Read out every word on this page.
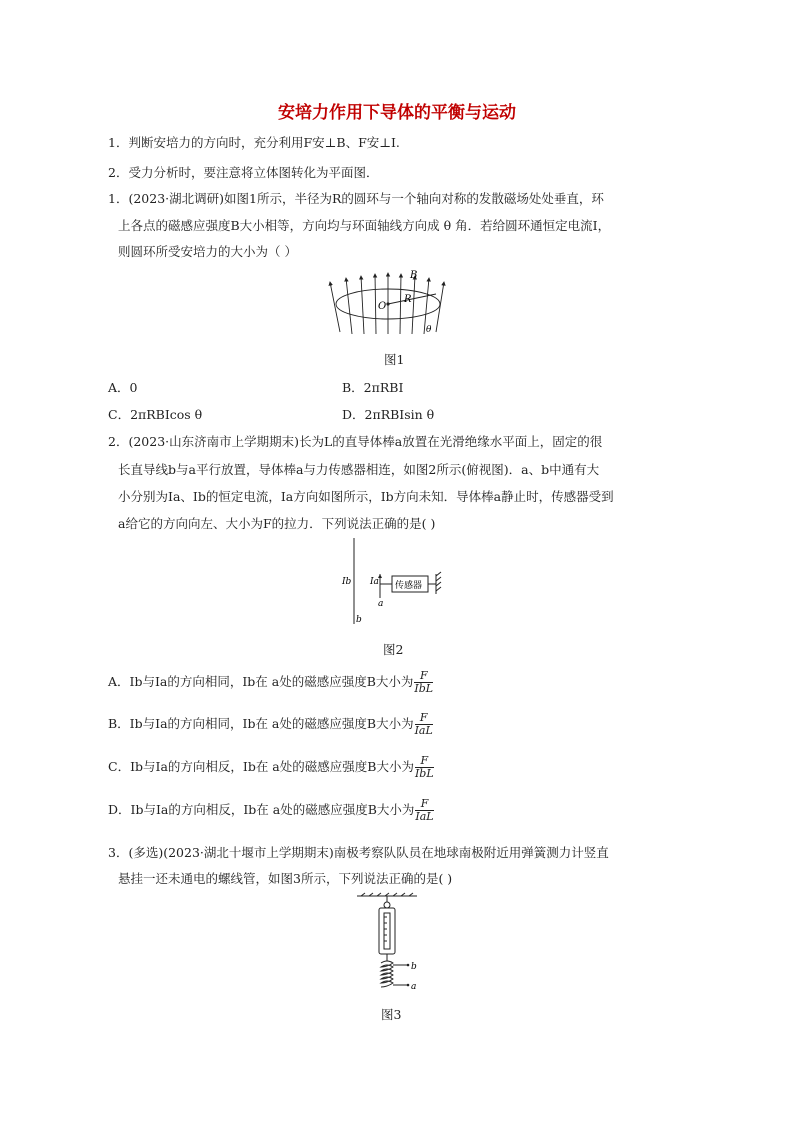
安培力作用下导体的平衡与运动
1．判断安培力的方向时，充分利用F安⊥B、F安⊥I.
2．受力分析时，要注意将立体图转化为平面图．
1．(2023·湖北调研)如图1所示，半径为R的圆环与一个轴向对称的发散磁场处处垂直，环
上各点的磁感应强度B大小相等，方向均与环面轴线方向成 θ 角．若给圆环通恒定电流I，
则圆环所受安培力的大小为（ ）
B
O
R
θ
图1
A．0	B．2πRBI
C．2πRBIcos θ	D．2πRBIsin θ
2．(2023·山东济南市上学期期末)长为L的直导体棒a放置在光滑绝缘水平面上，固定的很
长直导线b与a平行放置，导体棒a与力传感器相连，如图2所示(俯视图)．a、b中通有大
小分别为Ia、Ib的恒定电流，Ia方向如图所示，Ib方向未知．导体棒a静止时，传感器受到
a给它的方向向左、大小为F的拉力．下列说法正确的是( )
Ib
b
Ia
a
传感器
图2
A．Ib与Ia的方向相同，Ib在 a处的磁感应强度B大小为 $\frac{F}{\text{IbL}}$
B．Ib与Ia的方向相同，Ib在 a处的磁感应强度B大小为 $\frac{F}{\text{IaL}}$
C．Ib与Ia的方向相反，Ib在 a处的磁感应强度B大小为 $\frac{F}{\text{IbL}}$
D．Ib与Ia的方向相反，Ib在 a处的磁感应强度B大小为 $\frac{F}{\text{IaL}}$
3．(多选)(2023·湖北十堰市上学期期末)南极考察队队员在地球南极附近用弹簧测力计竖直
悬挂一还未通电的螺线管，如图3所示，下列说法正确的是( )
b
a
图3
